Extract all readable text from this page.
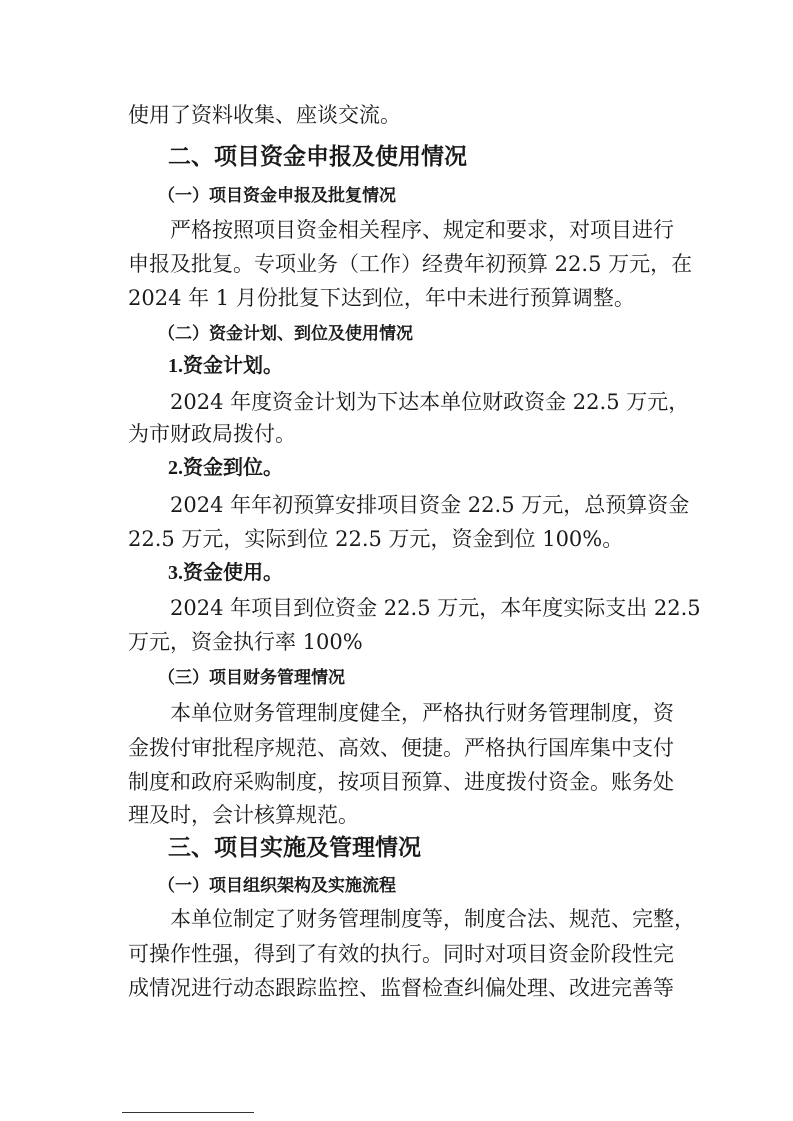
使用了资料收集、座谈交流。
二、项目资金申报及使用情况
（一）项目资金申报及批复情况
严格按照项目资金相关程序、规定和要求，对项目进行
申报及批复。专项业务（工作）经费年初预算 22.5 万元，在
2024 年 1 月份批复下达到位，年中未进行预算调整。
（二）资金计划、到位及使用情况
1.资金计划。
2024 年度资金计划为下达本单位财政资金 22.5 万元，
为市财政局拨付。
2.资金到位。
2024 年年初预算安排项目资金 22.5 万元，总预算资金
22.5 万元，实际到位 22.5 万元，资金到位 100%。
3.资金使用。
2024 年项目到位资金 22.5 万元，本年度实际支出 22.5
万元，资金执行率 100%
（三）项目财务管理情况
本单位财务管理制度健全，严格执行财务管理制度，资
金拨付审批程序规范、高效、便捷。严格执行国库集中支付
制度和政府采购制度，按项目预算、进度拨付资金。账务处
理及时，会计核算规范。
三、项目实施及管理情况
（一）项目组织架构及实施流程
本单位制定了财务管理制度等，制度合法、规范、完整，
可操作性强，得到了有效的执行。同时对项目资金阶段性完
成情况进行动态跟踪监控、监督检查纠偏处理、改进完善等
